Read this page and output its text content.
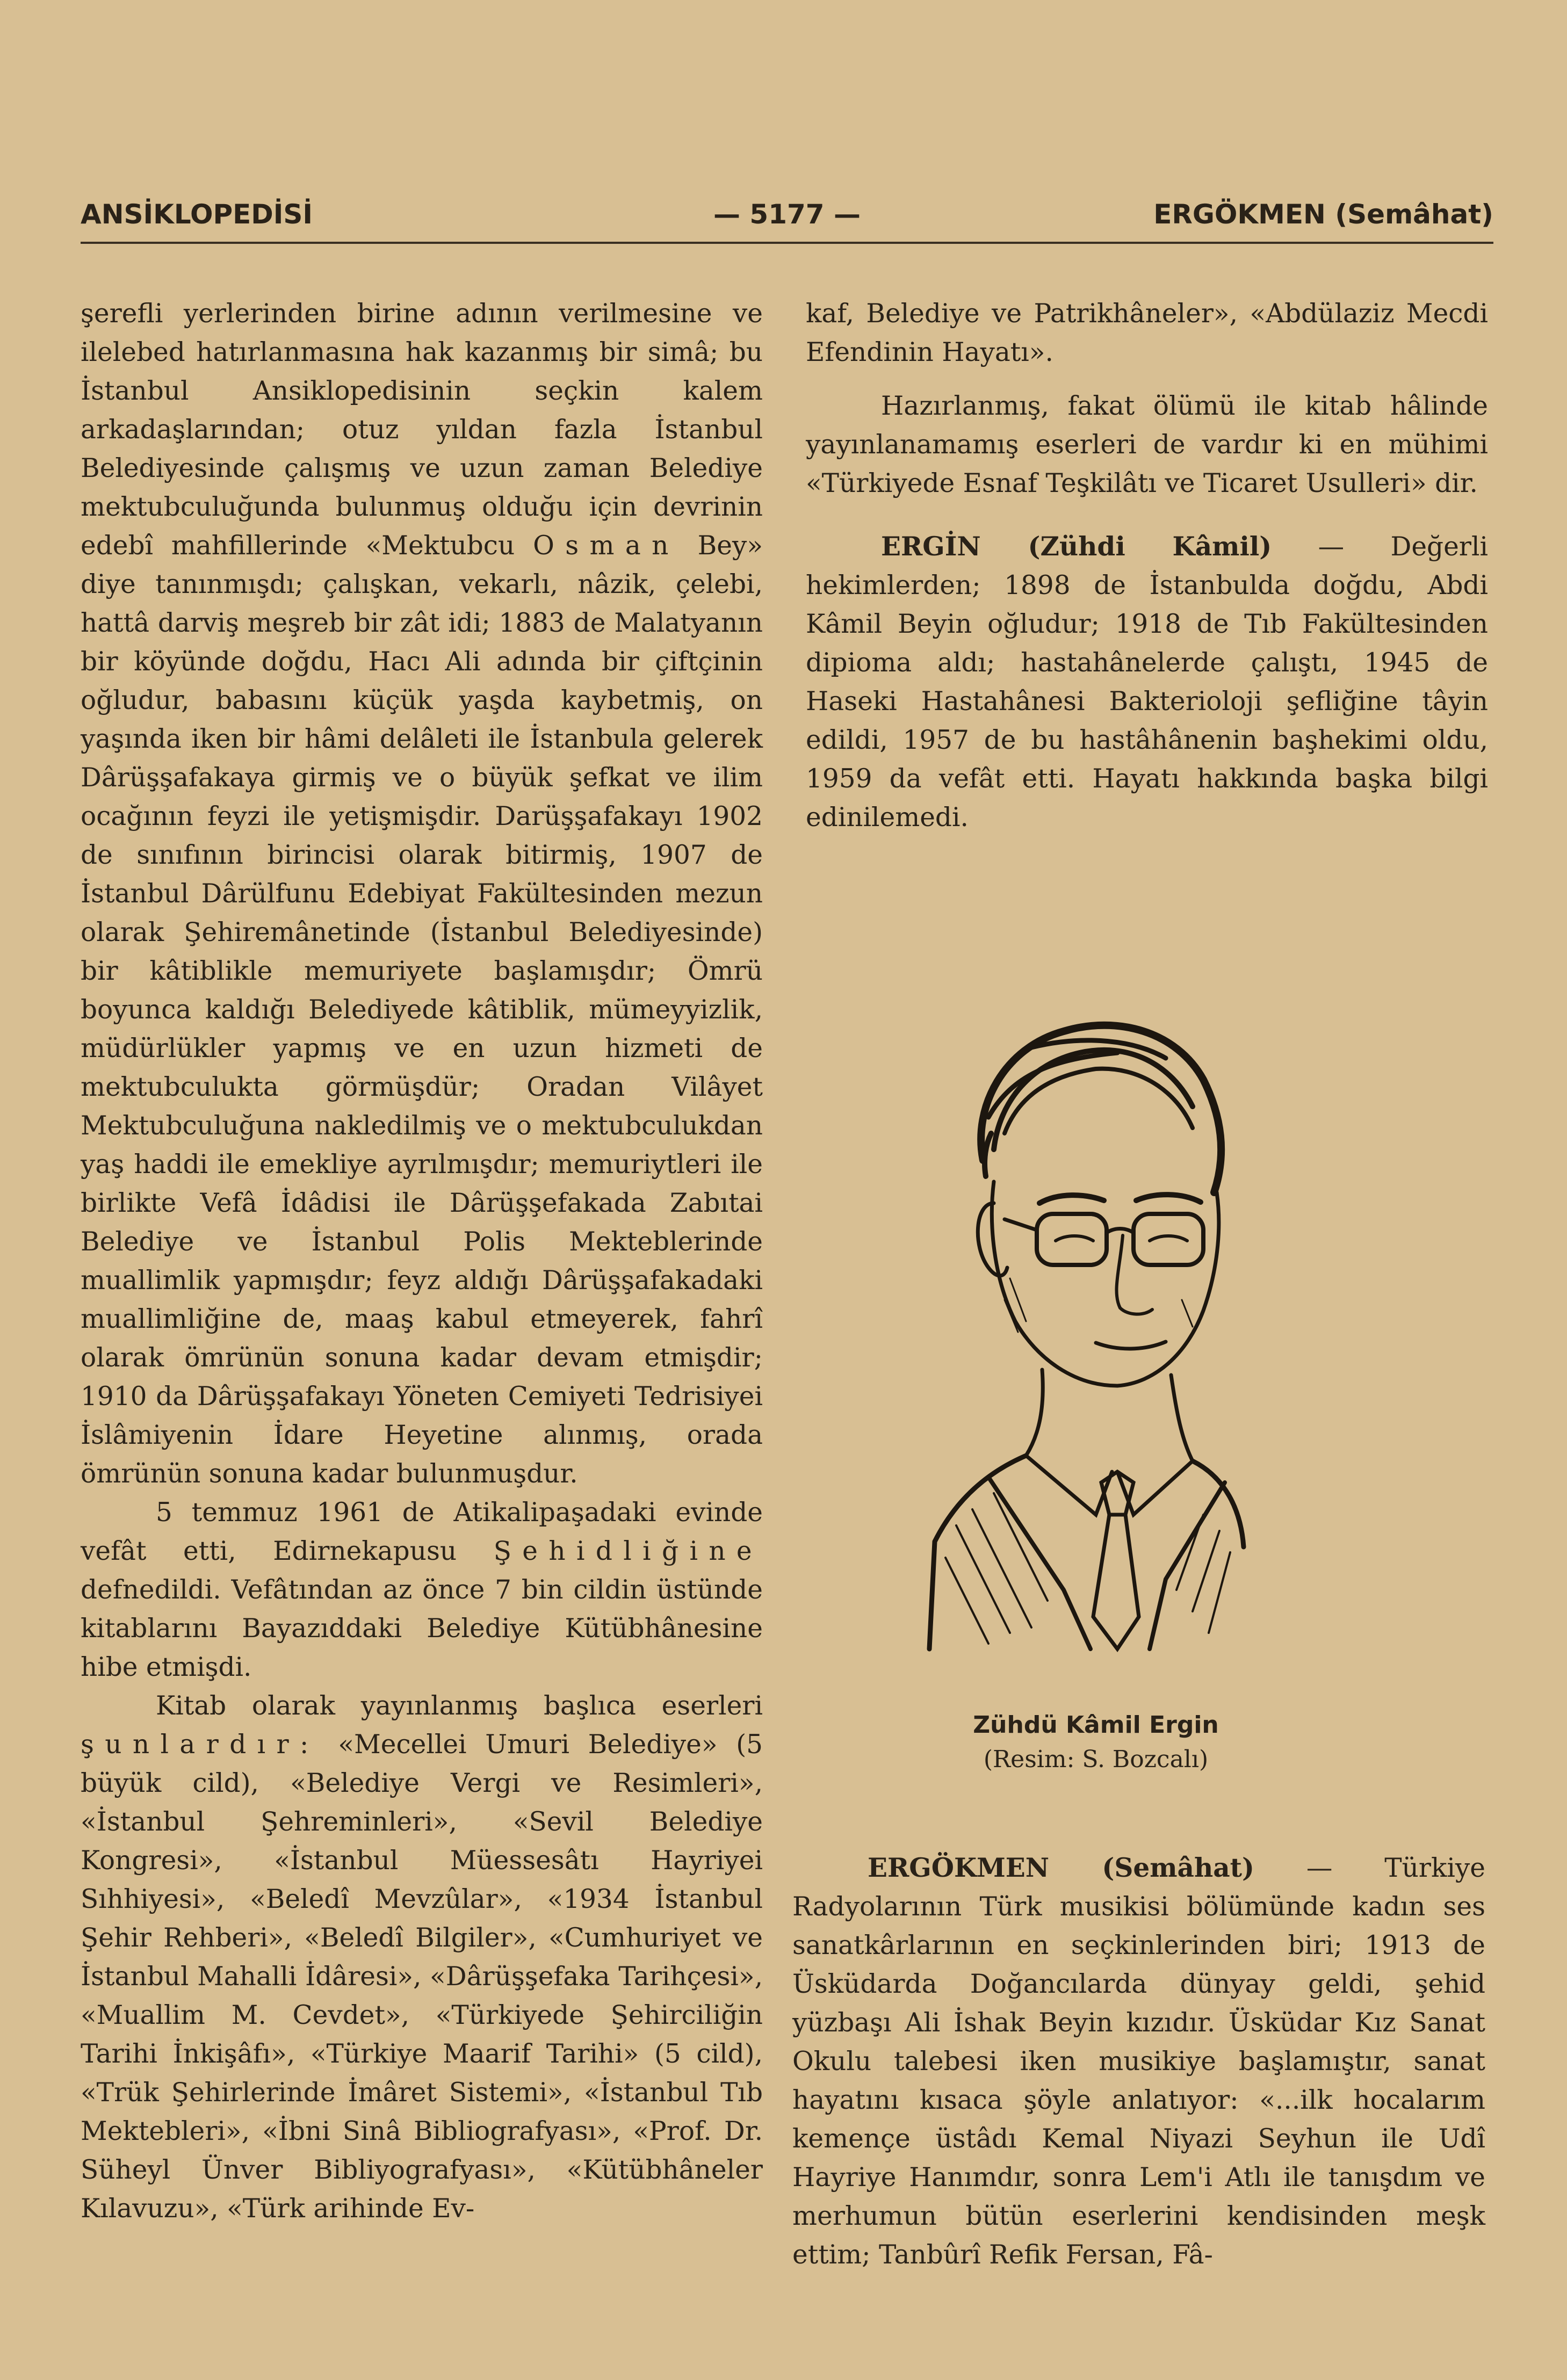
ANSİKLOPEDİSİ	— 5177 —	ERGÖKMEN (Semâhat)

şerefli yerlerinden birine adının verilmesine ve ilelebed hatırlanmasına hak kazanmış bir simâ; bu İstanbul Ansiklopedisinin seçkin kalem arkadaşlarından; otuz yıldan fazla İstanbul Belediyesinde çalışmış ve uzun zaman Belediye mektubculuğunda bulunmuş olduğu için devrinin edebî mahfillerinde «Mektubcu Osman Bey» diye tanınmışdı; çalışkan, vekarlı, nâzik, çelebi, hattâ darviş meşreb bir zât idi; 1883 de Malatyanın bir köyünde doğdu, Hacı Ali adında bir çiftçinin oğludur, babasını küçük yaşda kaybetmiş, on yaşında iken bir hâmi delâleti ile İstanbula gelerek Dârüşşafakaya girmiş ve o büyük şefkat ve ilim ocağının feyzi ile yetişmişdir. Darüşşafakayı 1902 de sınıfının birincisi olarak bitirmiş, 1907 de İstanbul Dârülfunu Edebiyat Fakültesinden mezun olarak Şehiremânetinde (İstanbul Belediyesinde) bir kâtiblikle memuriyete başlamışdır; Ömrü boyunca kaldığı Belediyede kâtiblik, mümeyyizlik, müdürlükler yapmış ve en uzun hizmeti de mektubculukta görmüşdür; Oradan Vilâyet Mektubculuğuna nakledilmiş ve o mektubculukdan yaş haddi ile emekliye ayrılmışdır; memuriytleri ile birlikte Vefâ İdâdisi ile Dârüşşefakada Zabıtai Belediye ve İstanbul Polis Mekteblerinde muallimlik yapmışdır; feyz aldığı Dârüşşafakadaki muallimliğine de, maaş kabul etmeyerek, fahrî olarak ömrünün sonuna kadar devam etmişdir; 1910 da Dârüşşafakayı Yöneten Cemiyeti Tedrisiyei İslâmiyenin İdare Heyetine alınmış, orada ömrünün sonuna kadar bulunmuşdur.

5 temmuz 1961 de Atikalipaşadaki evinde vefât etti, Edirnekapusu Şehidliğine defnedildi. Vefâtından az önce 7 bin cildin üstünde kitablarını Bayazıddaki Belediye Kütübhânesine hibe etmişdi.

Kitab olarak yayınlanmış başlıca eserleri şunlardır: «Mecellei Umuri Belediye» (5 büyük cild), «Belediye Vergi ve Resimleri», «İstanbul Şehreminleri», «Sevil Belediye Kongresi», «İstanbul Müessesâtı Hayriyei Sıhhiyesi», «Beledî Mevzûlar», «1934 İstanbul Şehir Rehberi», «Beledî Bilgiler», «Cumhuriyet ve İstanbul Mahalli İdâresi», «Dârüşşefaka Tarihçesi», «Muallim M. Cevdet», «Türkiyede Şehirciliğin Tarihi İnkişâfı», «Türkiye Maarif Tarihi» (5 cild), «Trük Şehirlerinde İmâret Sistemi», «İstanbul Tıb Mektebleri», «İbni Sinâ Bibliografyası», «Prof. Dr. Süheyl Ünver Bibliyografyası», «Kütübhâneler Kılavuzu», «Türk arihinde Ev-

kaf, Belediye ve Patrikhâneler», «Abdülaziz Mecdi Efendinin Hayatı».

Hazırlanmış, fakat ölümü ile kitab hâlinde yayınlanamamış eserleri de vardır ki en mühimi «Türkiyede Esnaf Teşkilâtı ve Ticaret Usulleri» dir.

ERGİN (Zühdi Kâmil) — Değerli hekimlerden; 1898 de İstanbulda doğdu, Abdi Kâmil Beyin oğludur; 1918 de Tıb Fakültesinden dipioma aldı; hastahânelerde çalıştı, 1945 de Haseki Hastahânesi Bakterioloji şefliğine tâyin edildi, 1957 de bu hastâhânenin başhekimi oldu, 1959 da vefât etti. Hayatı hakkında başka bilgi edinilemedi.

Zühdü Kâmil Ergin
(Resim: S. Bozcalı)

ERGÖKMEN (Semâhat) — Türkiye Radyolarının Türk musikisi bölümünde kadın ses sanatkârlarının en seçkinlerinden biri; 1913 de Üsküdarda Doğancılarda dünyay geldi, şehid yüzbaşı Ali İshak Beyin kızıdır. Üsküdar Kız Sanat Okulu talebesi iken musikiye başlamıştır, sanat hayatını kısaca şöyle anlatıyor: «...ilk hocalarım kemençe üstâdı Kemal Niyazi Seyhun ile Udî Hayriye Hanımdır, sonra Lem'i Atlı ile tanışdım ve merhumun bütün eserlerini kendisinden meşk ettim; Tanbûrî Refik Fersan, Fâ-
